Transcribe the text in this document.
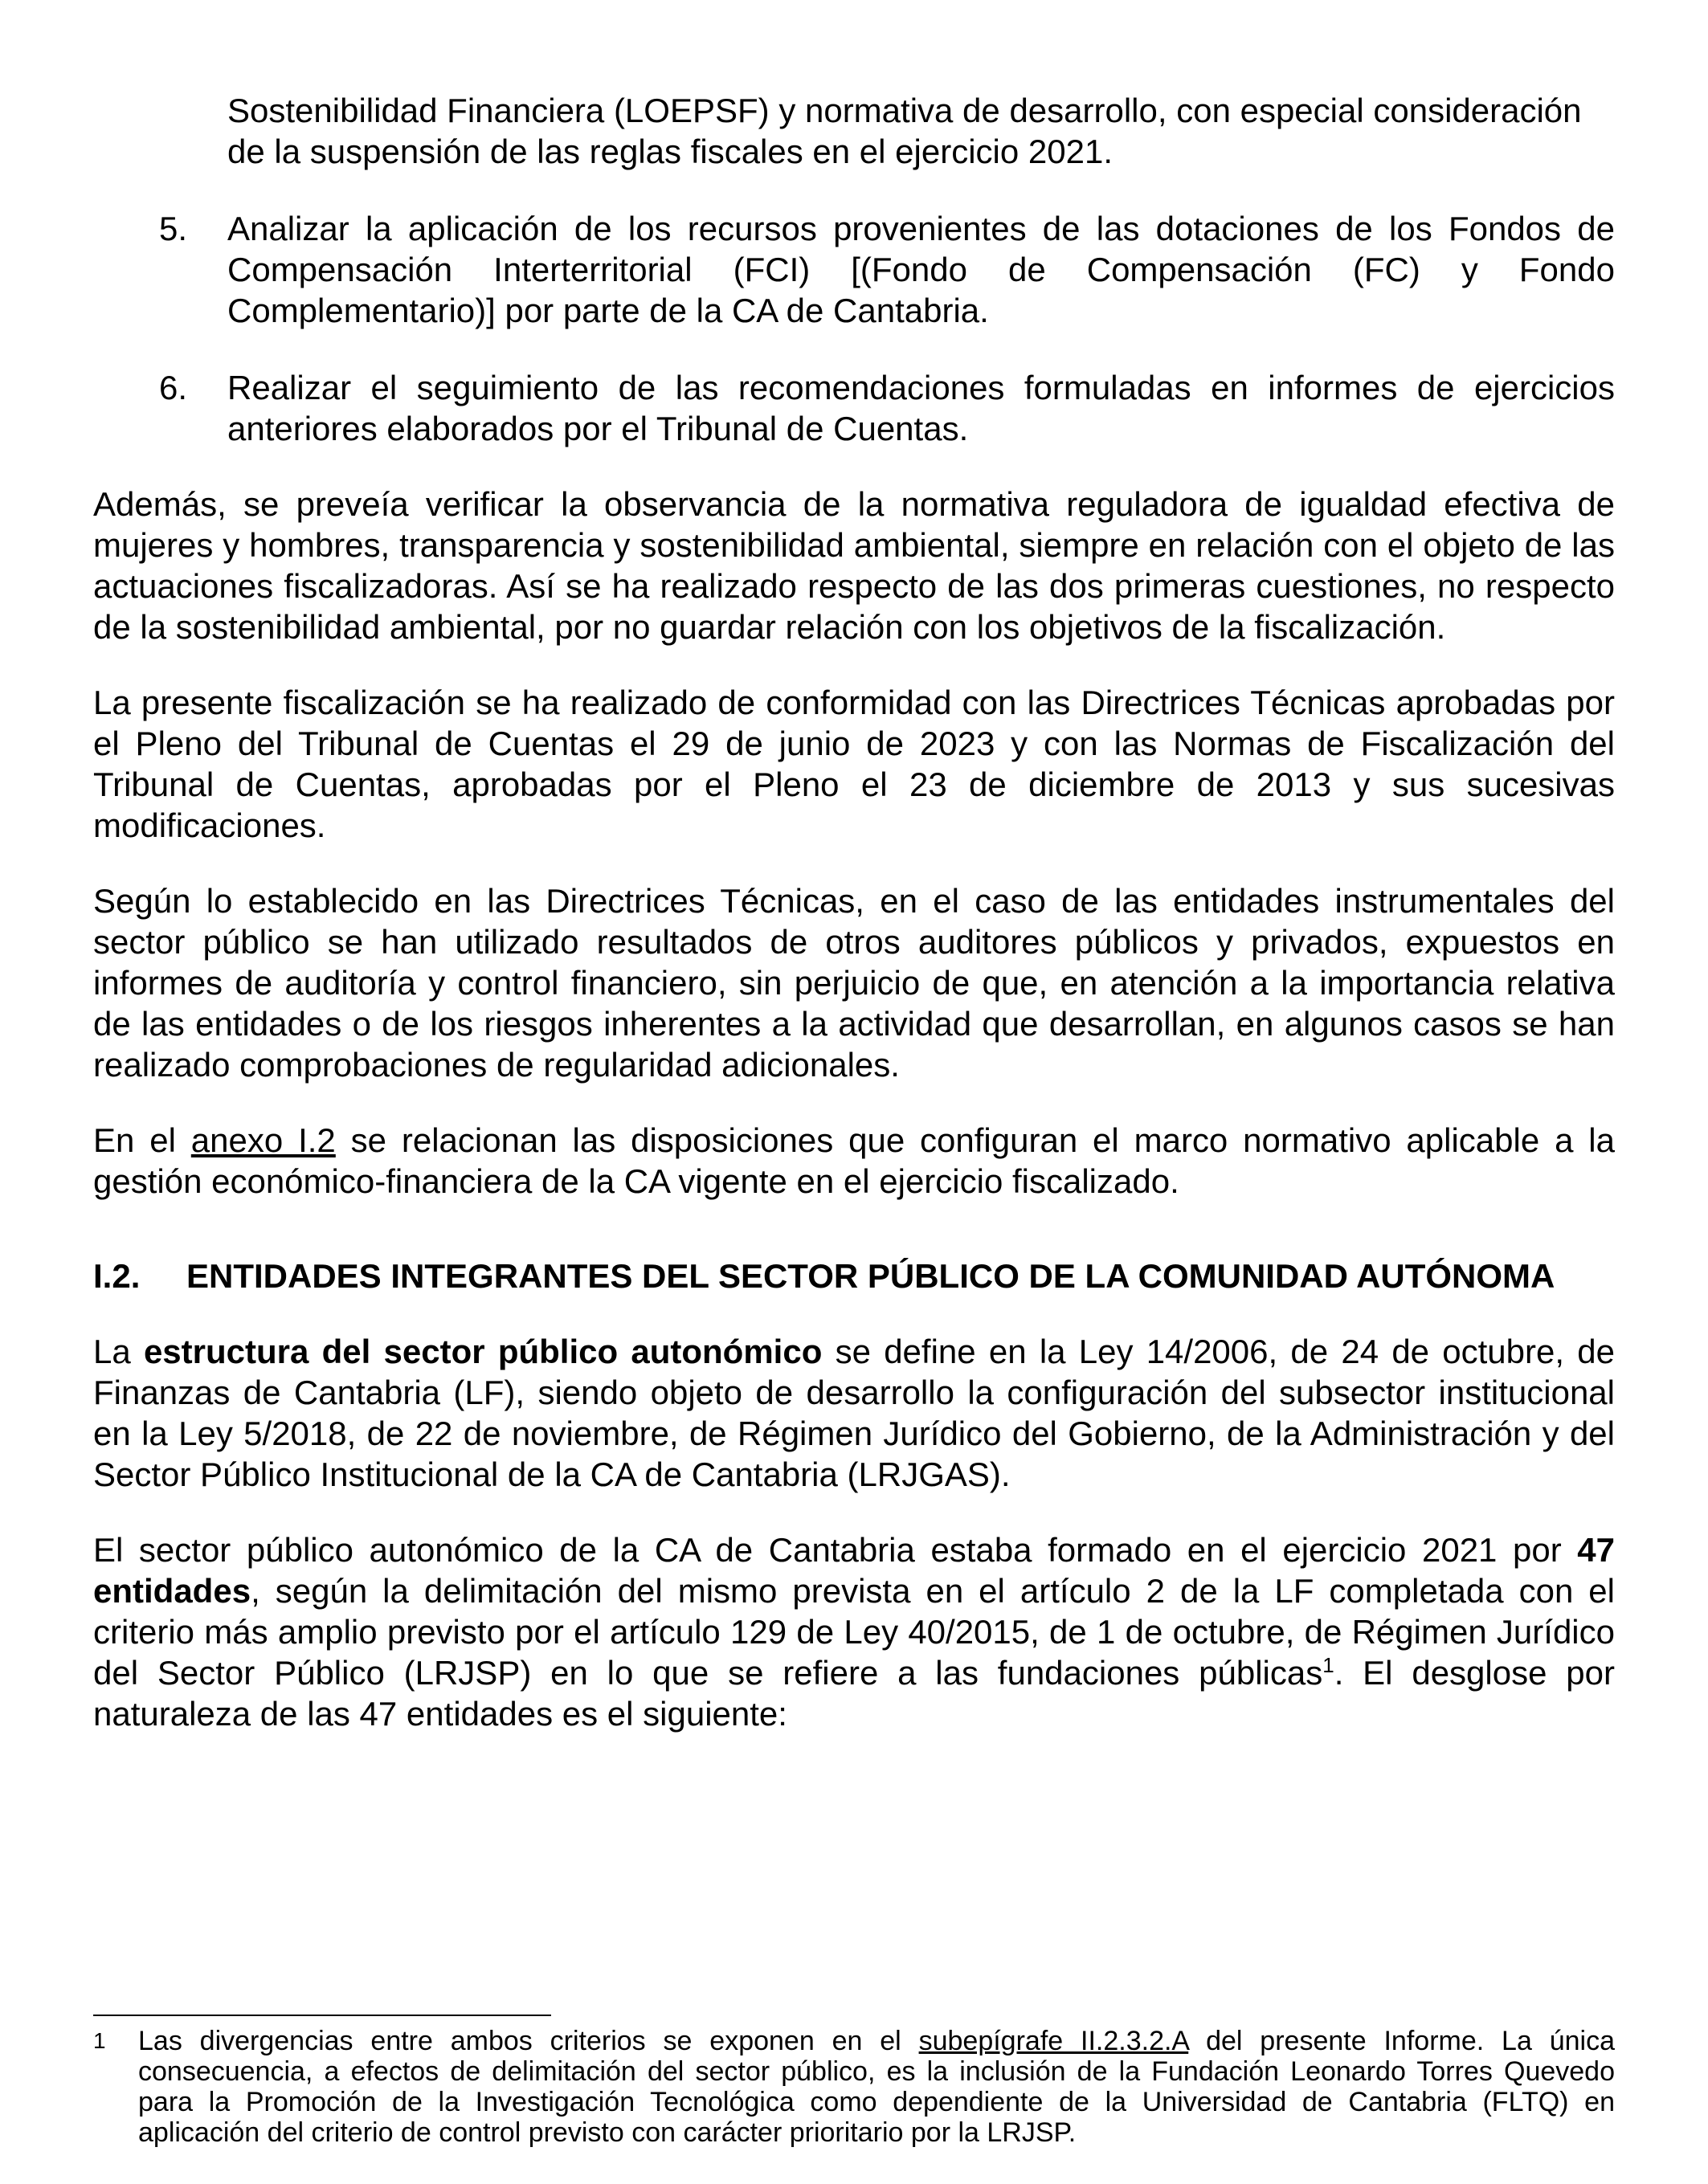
Sostenibilidad Financiera (LOEPSF) y normativa de desarrollo, con especial consideración
de la suspensión de las reglas fiscales en el ejercicio 2021.

5. Analizar la aplicación de los recursos provenientes de las dotaciones de los Fondos de Compensación Interterritorial (FCI) [(Fondo de Compensación (FC) y Fondo Complementario)] por parte de la CA de Cantabria.

6. Realizar el seguimiento de las recomendaciones formuladas en informes de ejercicios anteriores elaborados por el Tribunal de Cuentas.

Además, se preveía verificar la observancia de la normativa reguladora de igualdad efectiva de mujeres y hombres, transparencia y sostenibilidad ambiental, siempre en relación con el objeto de las actuaciones fiscalizadoras. Así se ha realizado respecto de las dos primeras cuestiones, no respecto de la sostenibilidad ambiental, por no guardar relación con los objetivos de la fiscalización.

La presente fiscalización se ha realizado de conformidad con las Directrices Técnicas aprobadas por el Pleno del Tribunal de Cuentas el 29 de junio de 2023 y con las Normas de Fiscalización del Tribunal de Cuentas, aprobadas por el Pleno el 23 de diciembre de 2013 y sus sucesivas modificaciones.

Según lo establecido en las Directrices Técnicas, en el caso de las entidades instrumentales del sector público se han utilizado resultados de otros auditores públicos y privados, expuestos en informes de auditoría y control financiero, sin perjuicio de que, en atención a la importancia relativa de las entidades o de los riesgos inherentes a la actividad que desarrollan, en algunos casos se han realizado comprobaciones de regularidad adicionales.

En el anexo I.2 se relacionan las disposiciones que configuran el marco normativo aplicable a la gestión económico-financiera de la CA vigente en el ejercicio fiscalizado.

I.2. ENTIDADES INTEGRANTES DEL SECTOR PÚBLICO DE LA COMUNIDAD AUTÓNOMA

La estructura del sector público autonómico se define en la Ley 14/2006, de 24 de octubre, de Finanzas de Cantabria (LF), siendo objeto de desarrollo la configuración del subsector institucional en la Ley 5/2018, de 22 de noviembre, de Régimen Jurídico del Gobierno, de la Administración y del Sector Público Institucional de la CA de Cantabria (LRJGAS).

El sector público autonómico de la CA de Cantabria estaba formado en el ejercicio 2021 por 47 entidades, según la delimitación del mismo prevista en el artículo 2 de la LF completada con el criterio más amplio previsto por el artículo 129 de Ley 40/2015, de 1 de octubre, de Régimen Jurídico del Sector Público (LRJSP) en lo que se refiere a las fundaciones públicas$^1$. El desglose por naturaleza de las 47 entidades es el siguiente:

1	Las divergencias entre ambos criterios se exponen en el subepígrafe II.2.3.2.A del presente Informe. La única consecuencia, a efectos de delimitación del sector público, es la inclusión de la Fundación Leonardo Torres Quevedo para la Promoción de la Investigación Tecnológica como dependiente de la Universidad de Cantabria (FLTQ) en aplicación del criterio de control previsto con carácter prioritario por la LRJSP.
